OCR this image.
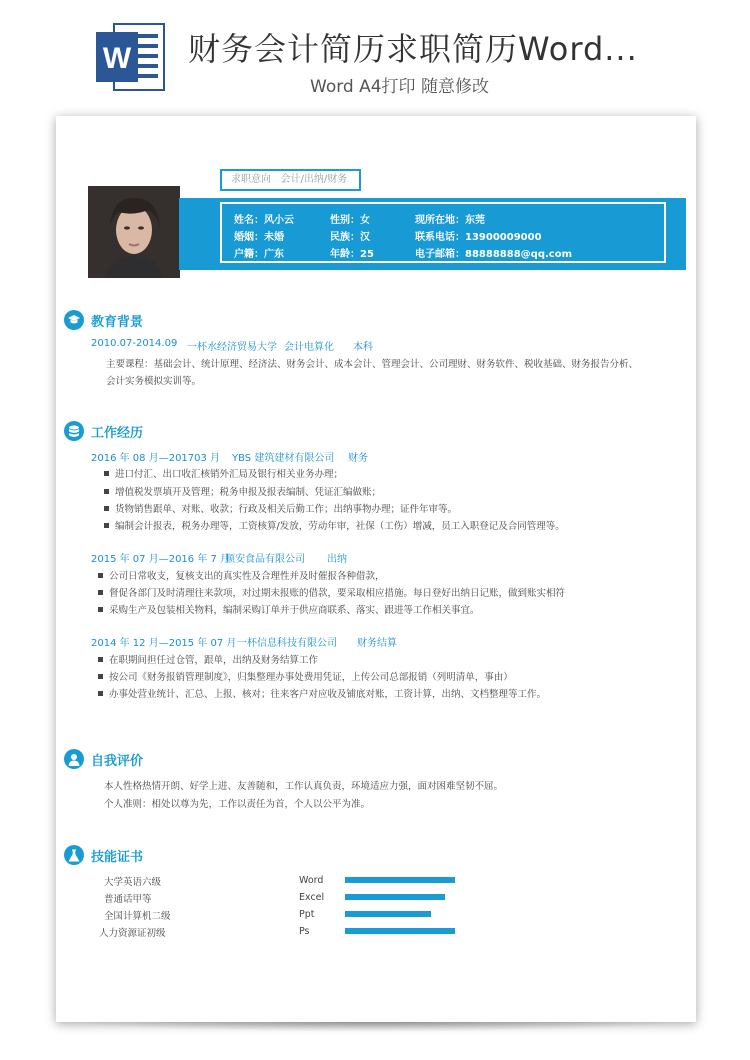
W 财务会计简历求职简历Word...
Word A4打印 随意修改
求职意向 会计/出纳/财务
姓名：风小云	性别：女	现所在地：东莞
婚姻：未婚	民族：汉	联系电话：13900009000
户籍：广东	年龄：25	电子邮箱：88888888@qq.com
教育背景
2010.07-2014.09 一杯水经济贸易大学 会计电算化 本科
主要课程：基础会计、统计原理、经济法、财务会计、成本会计、管理会计、公司理财、财务软件、税收基础、财务报告分析、
会计实务模拟实训等。
工作经历
2016 年 08 月—201703 月 YBS 建筑建材有限公司 财务
进口付汇、出口收汇核销外汇局及银行相关业务办理；
增值税发票填开及管理；税务申报及报表编制、凭证汇编做账；
货物销售跟单、对账、收款；行政及相关后勤工作；出纳事物办理；证件年审等。
编制会计报表，税务办理等，工资核算/发放，劳动年审，社保（工伤）增减，员工入职登记及合同管理等。
2015 年 07 月—2016 年 7 月
顺安食品有限公司 出纳
公司日常收支，复核支出的真实性及合理性并及时催报各种借款，
督促各部门及时清理往来款项，对过期未报账的借款，要采取相应措施。每日登好出纳日记账，做到账实相符
采购生产及包装相关物料，编制采购订单并于供应商联系、落实、跟进等工作相关事宜。
2014 年 12 月—2015 年 07 月 一杯信息科技有限公司 财务结算
在职期间担任过仓管，跟单，出纳及财务结算工作
按公司《财务报销管理制度》，归集整理办事处费用凭证，上传公司总部报销（列明清单，事由）
办事处营业统计、汇总、上报、核对；往来客户对应收及铺底对账，工资计算，出纳、文档整理等工作。
自我评价
本人性格热情开朗、好学上进、友善随和，工作认真负责，环境适应力强，面对困难坚韧不屈。
个人准则：相处以尊为先，工作以责任为首，个人以公平为准。
技能证书
大学英语六级
普通话甲等
全国计算机二级
人力资源证初级
Word
Excel
Ppt
Ps
